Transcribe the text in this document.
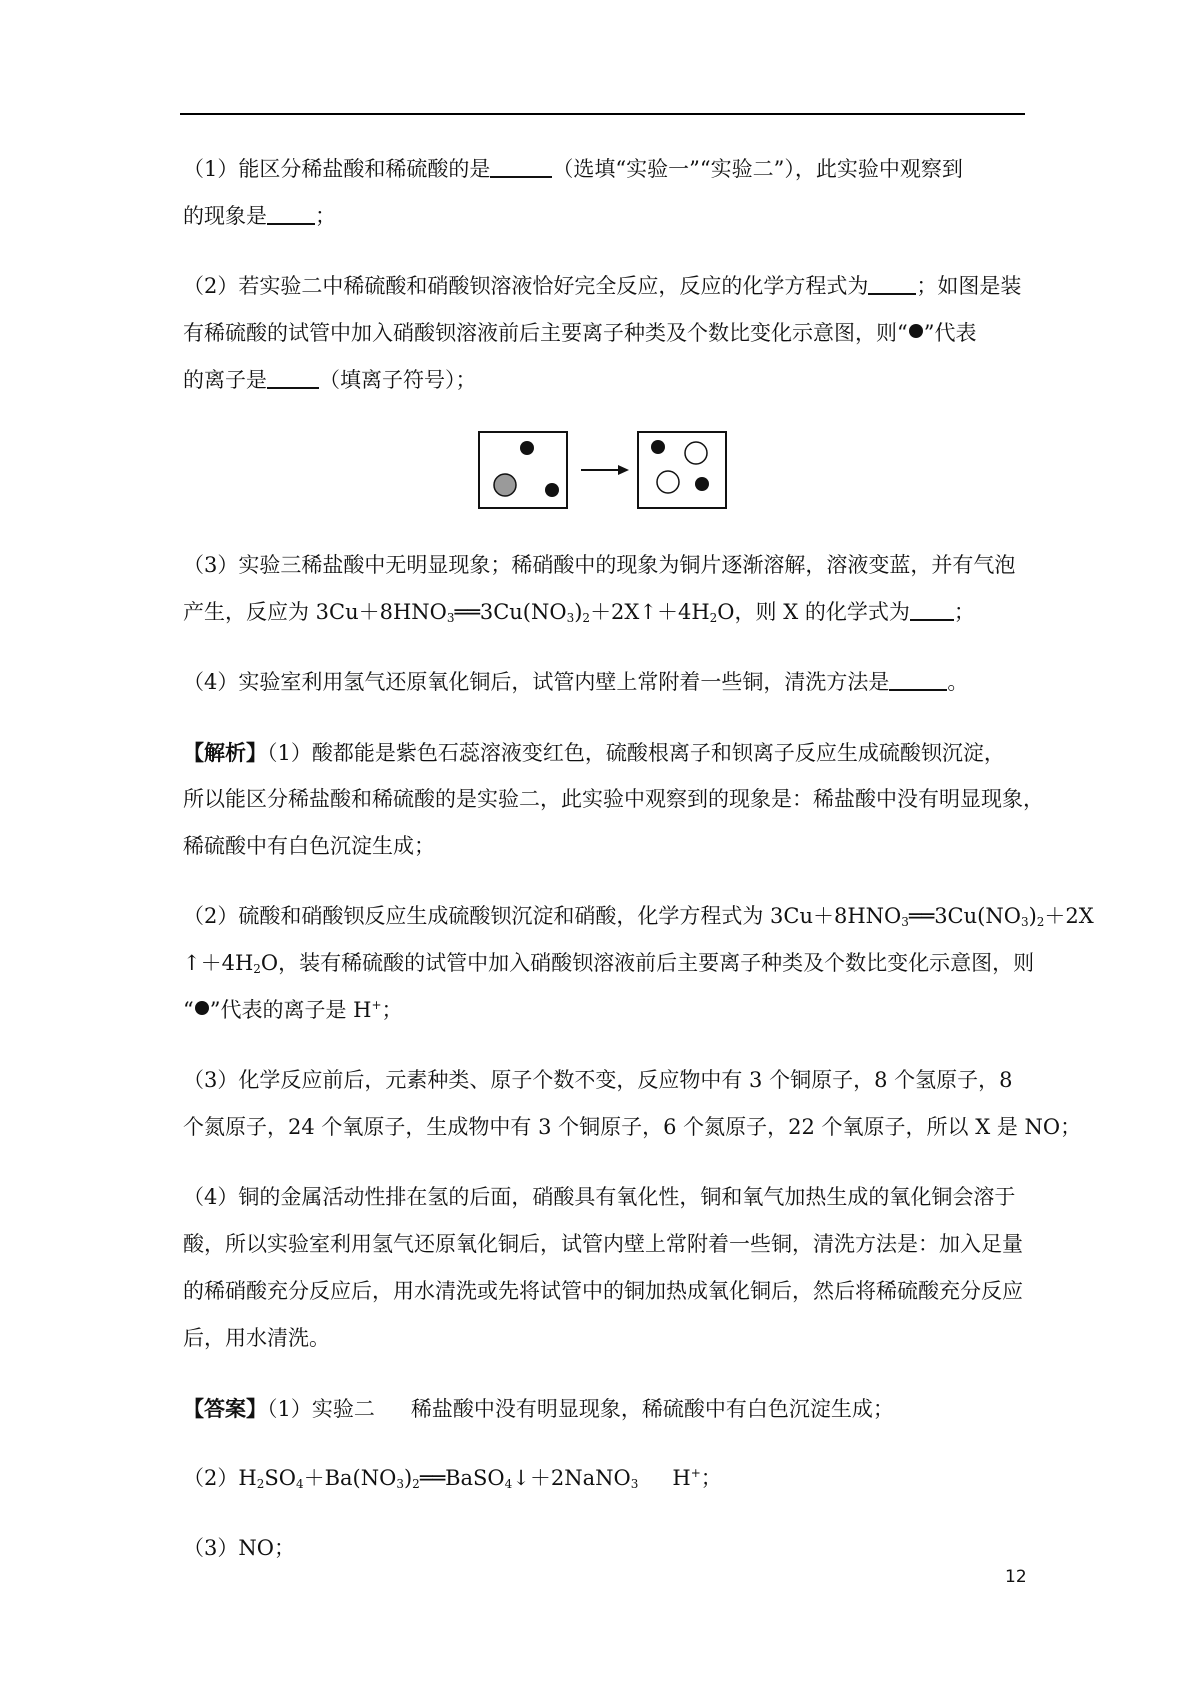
（1）能区分稀盐酸和稀硫酸的是	（选填“实验一”“实验二”），此实验中观察到
的现象是 ；
（2）若实验二中稀硫酸和硝酸钡溶液恰好完全反应，反应的化学方程式为 ；如图是装
有稀硫酸的试管中加入硝酸钡溶液前后主要离子种类及个数比变化示意图，则“ ”代表
的离子是 （填离子符号）；
（3）实验三稀盐酸中无明显现象；稀硝酸中的现象为铜片逐渐溶解，溶液变蓝，并有气泡
产生，反应为 $3Cu+8HNO_3══3Cu(NO_3)_2+2X↑+4H_2O$，则 X 的化学式为 ；
（4）实验室利用氢气还原氧化铜后，试管内壁上常附着一些铜，清洗方法是	。
【解析】（1）酸都能是紫色石蕊溶液变红色，硫酸根离子和钡离子反应生成硫酸钡沉淀，
所以能区分稀盐酸和稀硫酸的是实验二，此实验中观察到的现象是：稀盐酸中没有明显现象，
稀硫酸中有白色沉淀生成；
（2）硫酸和硝酸钡反应生成硫酸钡沉淀和硝酸，化学方程式为 $3Cu+8HNO_3══3Cu(NO_3)_2+2X$
$↑+4H_2O$，装有稀硫酸的试管中加入硝酸钡溶液前后主要离子种类及个数比变化示意图，则
“ ”代表的离子是 H+；
（3）化学反应前后，元素种类、原子个数不变，反应物中有 3 个铜原子，8 个氢原子，8
个氮原子，24 个氧原子，生成物中有 3 个铜原子，6 个氮原子，22 个氧原子，所以 X 是 NO；
（4）铜的金属活动性排在氢的后面，硝酸具有氧化性，铜和氧气加热生成的氧化铜会溶于
酸，所以实验室利用氢气还原氧化铜后，试管内壁上常附着一些铜，清洗方法是：加入足量
的稀硝酸充分反应后，用水清洗或先将试管中的铜加热成氧化铜后，然后将稀硫酸充分反应
后，用水清洗。
【答案】（1）实验二 稀盐酸中没有明显现象，稀硫酸中有白色沉淀生成；
$(2)H_2SO_4+Ba(NO_3)_2══BaSO_4↓+2NaNO_3$ H+；
（3）NO；
12
